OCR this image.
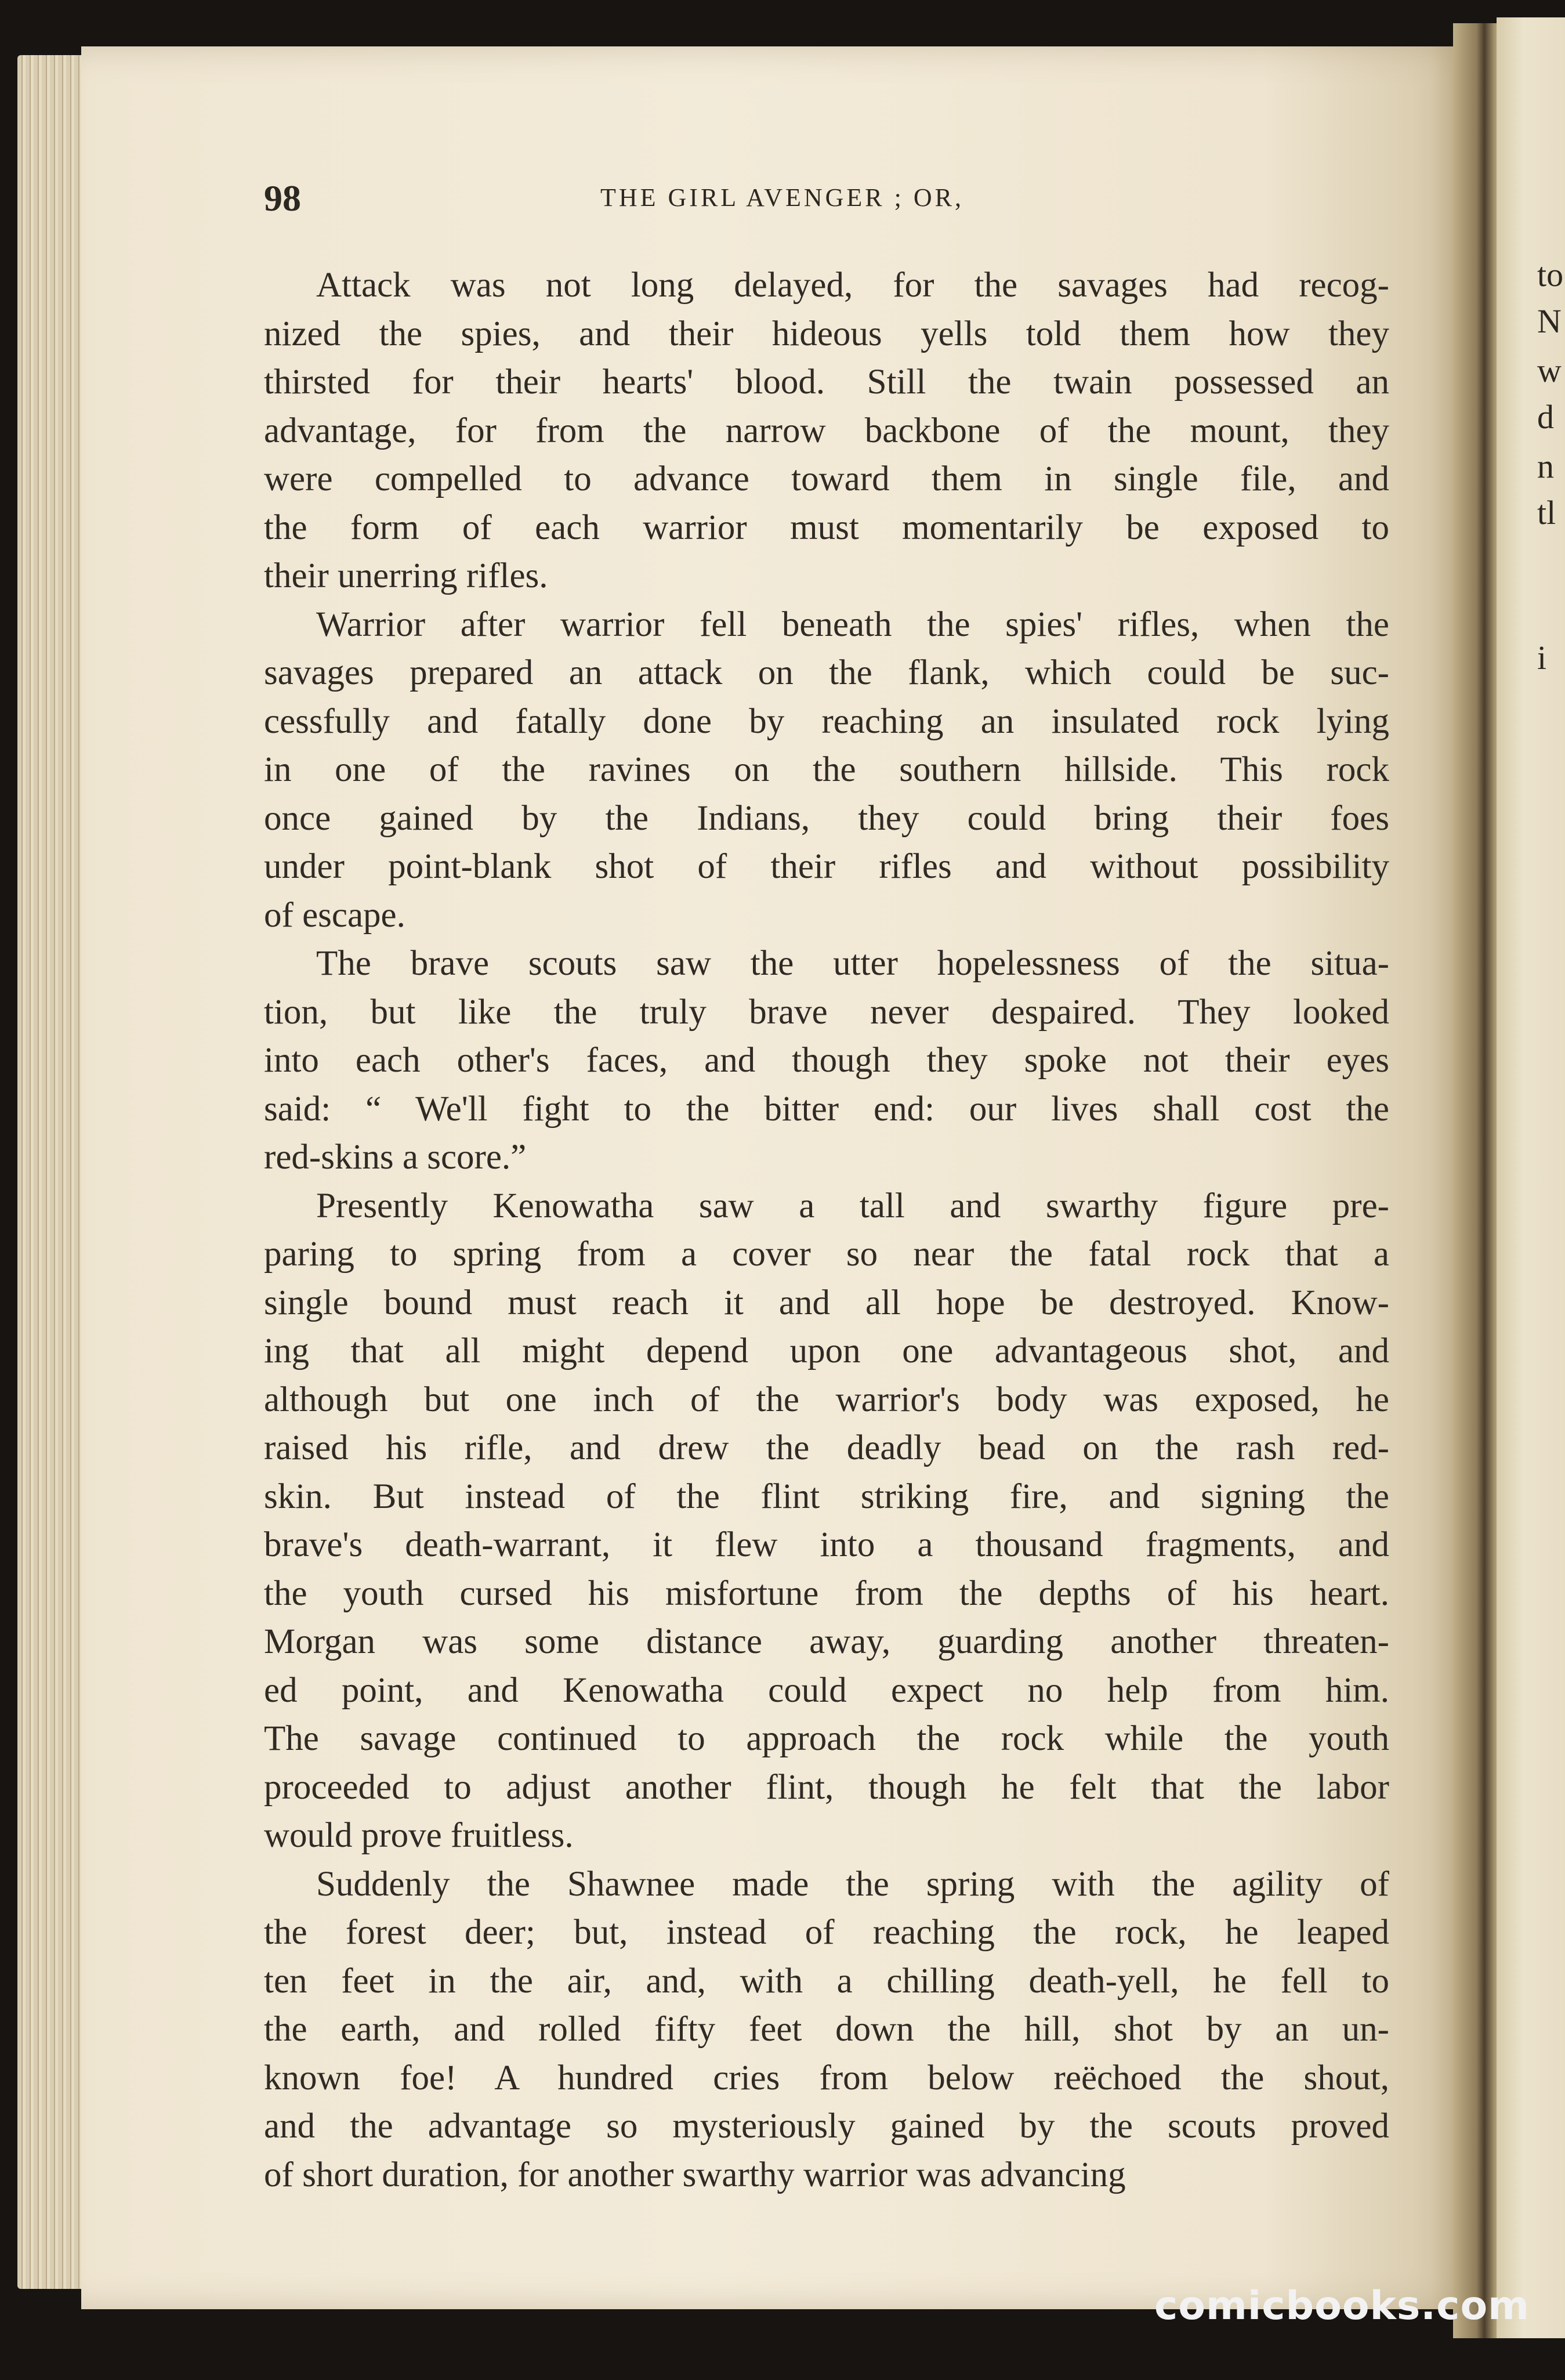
to
N
w
d
n
tl
i
98	THE GIRL AVENGER ; OR,
Attack was not long delayed, for the savages had recog-
nized the spies, and their hideous yells told them how they
thirsted for their hearts' blood. Still the twain possessed an
advantage, for from the narrow backbone of the mount, they
were compelled to advance toward them in single file, and
the form of each warrior must momentarily be exposed to
their unerring rifles.
Warrior after warrior fell beneath the spies' rifles, when the
savages prepared an attack on the flank, which could be suc-
cessfully and fatally done by reaching an insulated rock lying
in one of the ravines on the southern hillside. This rock
once gained by the Indians, they could bring their foes
under point-blank shot of their rifles and without possibility
of escape.
The brave scouts saw the utter hopelessness of the situa-
tion, but like the truly brave never despaired. They looked
into each other's faces, and though they spoke not their eyes
said: “ We'll fight to the bitter end: our lives shall cost the
red-skins a score.”
Presently Kenowatha saw a tall and swarthy figure pre-
paring to spring from a cover so near the fatal rock that a
single bound must reach it and all hope be destroyed. Know-
ing that all might depend upon one advantageous shot, and
although but one inch of the warrior's body was exposed, he
raised his rifle, and drew the deadly bead on the rash red-
skin. But instead of the flint striking fire, and signing the
brave's death-warrant, it flew into a thousand fragments, and
the youth cursed his misfortune from the depths of his heart.
Morgan was some distance away, guarding another threaten-
ed point, and Kenowatha could expect no help from him.
The savage continued to approach the rock while the youth
proceeded to adjust another flint, though he felt that the labor
would prove fruitless.
Suddenly the Shawnee made the spring with the agility of
the forest deer; but, instead of reaching the rock, he leaped
ten feet in the air, and, with a chilling death-yell, he fell to
the earth, and rolled fifty feet down the hill, shot by an un-
known foe! A hundred cries from below reëchoed the shout,
and the advantage so mysteriously gained by the scouts proved
of short duration, for another swarthy warrior was advancing
comicbooks.com
